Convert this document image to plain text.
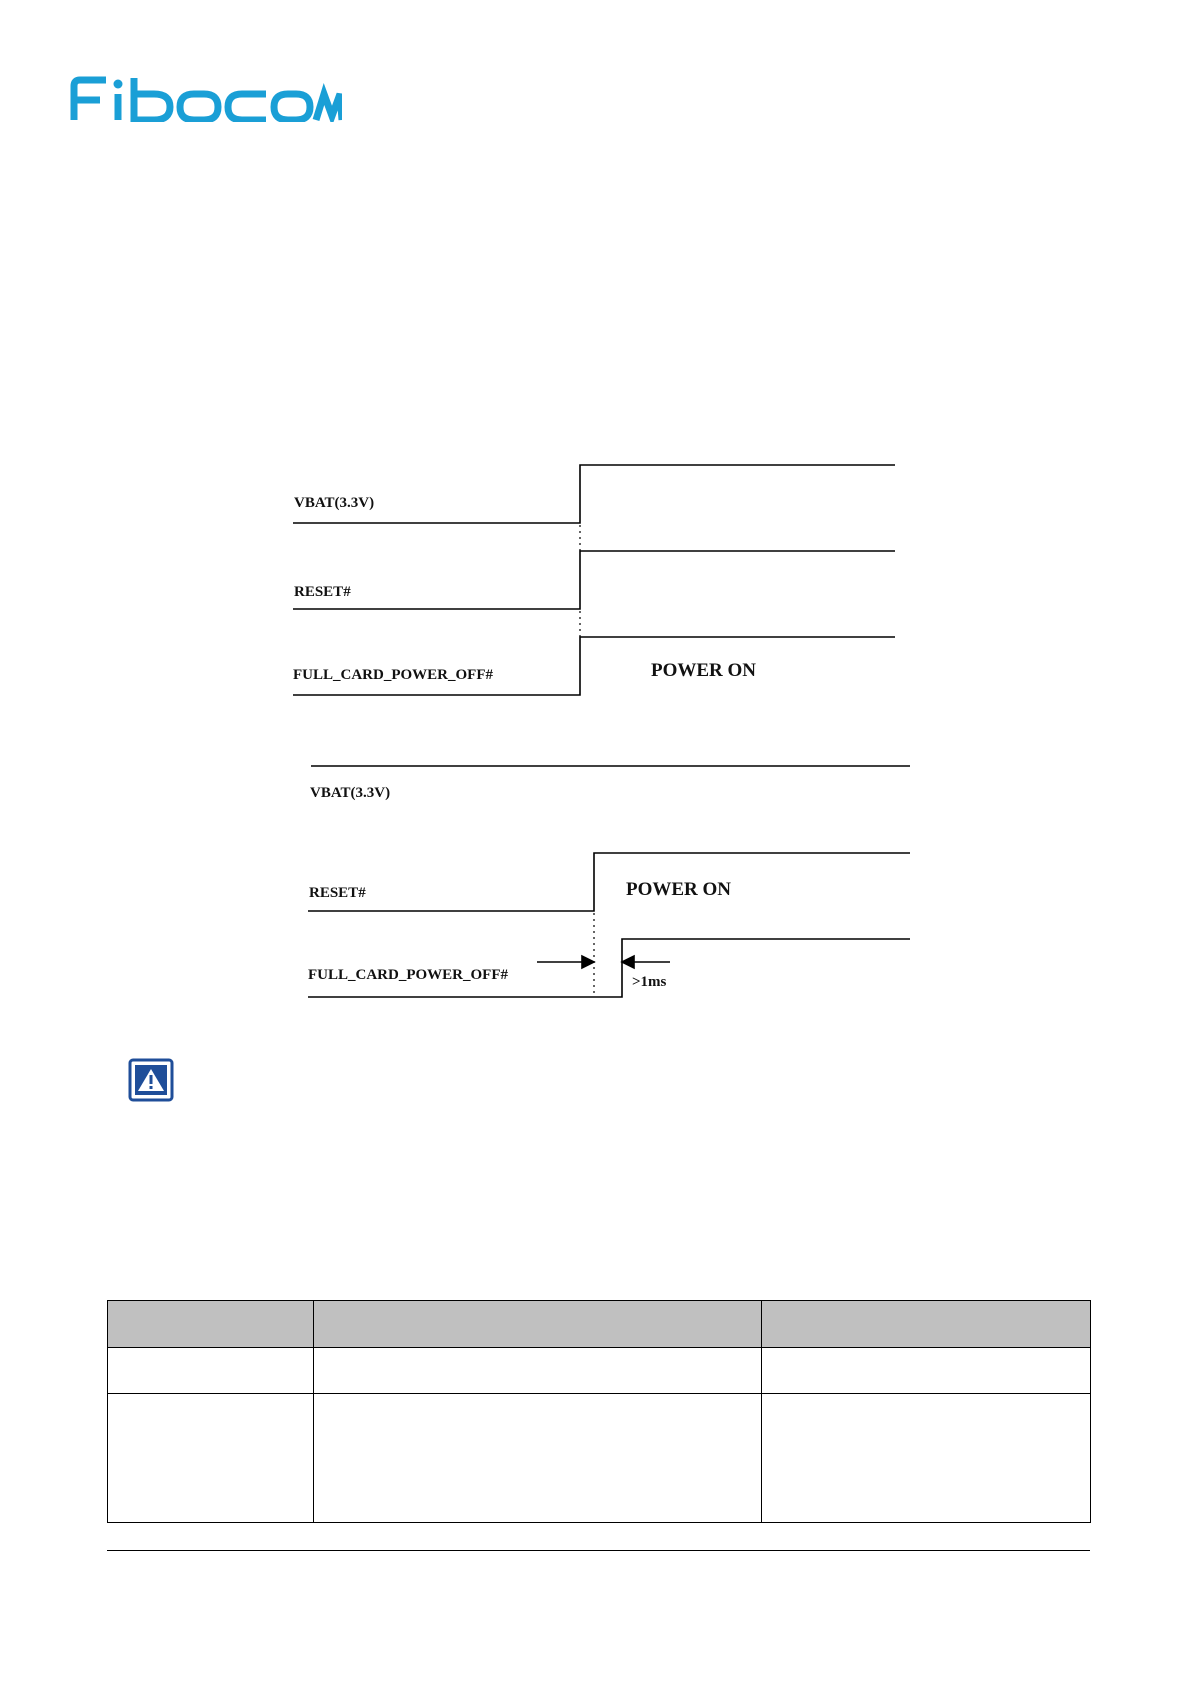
VBAT(3.3V)
RESET#
FULL_CARD_POWER_OFF#	POWER ON
VBAT(3.3V)
RESET#
FULL_CARD_POWER_OFF#
POWER ON
>1ms
